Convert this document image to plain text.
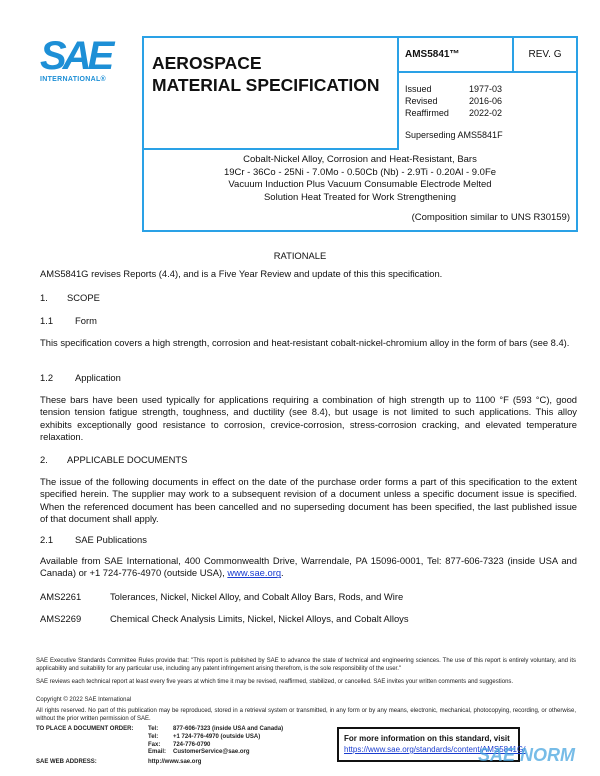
SAE
INTERNATIONAL®
AEROSPACE
MATERIAL SPECIFICATION
AMS5841™	REV. G
Issued	1977-03
Revised	2016-06
Reaffirmed	2022-02
Superseding AMS5841F
Cobalt-Nickel Alloy, Corrosion and Heat-Resistant, Bars
19Cr - 36Co - 25Ni - 7.0Mo - 0.50Cb (Nb) - 2.9Ti - 0.20Al - 9.0Fe
Vacuum Induction Plus Vacuum Consumable Electrode Melted
Solution Heat Treated for Work Strengthening
(Composition similar to UNS R30159)
RATIONALE
AMS5841G revises Reports (4.4), and is a Five Year Review and update of this this specification.
1. SCOPE
1.1 Form
This specification covers a high strength, corrosion and heat-resistant cobalt-nickel-chromium alloy in the form of bars (see 8.4).
1.2 Application
These bars have been used typically for applications requiring a combination of high strength up to 1100 °F (593 °C), good tension tension fatigue strength, toughness, and ductility (see 8.4), but usage is not limited to such applications. This alloy exhibits exceptionally good resistance to corrosion, crevice-corrosion, stress-corrosion cracking, and elevated temperature relaxation.
2. APPLICABLE DOCUMENTS
The issue of the following documents in effect on the date of the purchase order forms a part of this specification to the extent specified herein. The supplier may work to a subsequent revision of a document unless a specific document issue is specified. When the referenced document has been cancelled and no superseding document has been specified, the last published issue of that document shall apply.
2.1 SAE Publications
Available from SAE International, 400 Commonwealth Drive, Warrendale, PA 15096-0001, Tel: 877-606-7323 (inside USA and Canada) or +1 724-776-4970 (outside USA), www.sae.org.
AMS2261	Tolerances, Nickel, Nickel Alloy, and Cobalt Alloy Bars, Rods, and Wire
AMS2269	Chemical Check Analysis Limits, Nickel, Nickel Alloys, and Cobalt Alloys
SAE Executive Standards Committee Rules provide that: "This report is published by SAE to advance the state of technical and engineering sciences. The use of this report is entirely voluntary, and its applicability and suitability for any particular use, including any patent infringement arising therefrom, is the sole responsibility of the user."
SAE reviews each technical report at least every five years at which time it may be revised, reaffirmed, stabilized, or cancelled. SAE invites your written comments and suggestions.
Copyright © 2022 SAE International
All rights reserved. No part of this publication may be reproduced, stored in a retrieval system or transmitted, in any form or by any means, electronic, mechanical, photocopying, recording, or otherwise, without the prior written permission of SAE.
TO PLACE A DOCUMENT ORDER:	Tel: 877-606-7323 (inside USA and Canada)
Tel: +1 724-776-4970 (outside USA)
Fax: 724-776-0790
Email: CustomerService@sae.org
SAE WEB ADDRESS:	http://www.sae.org
For more information on this standard, visit
https://www.sae.org/standards/content/AMS5841G/
SAE NORM
